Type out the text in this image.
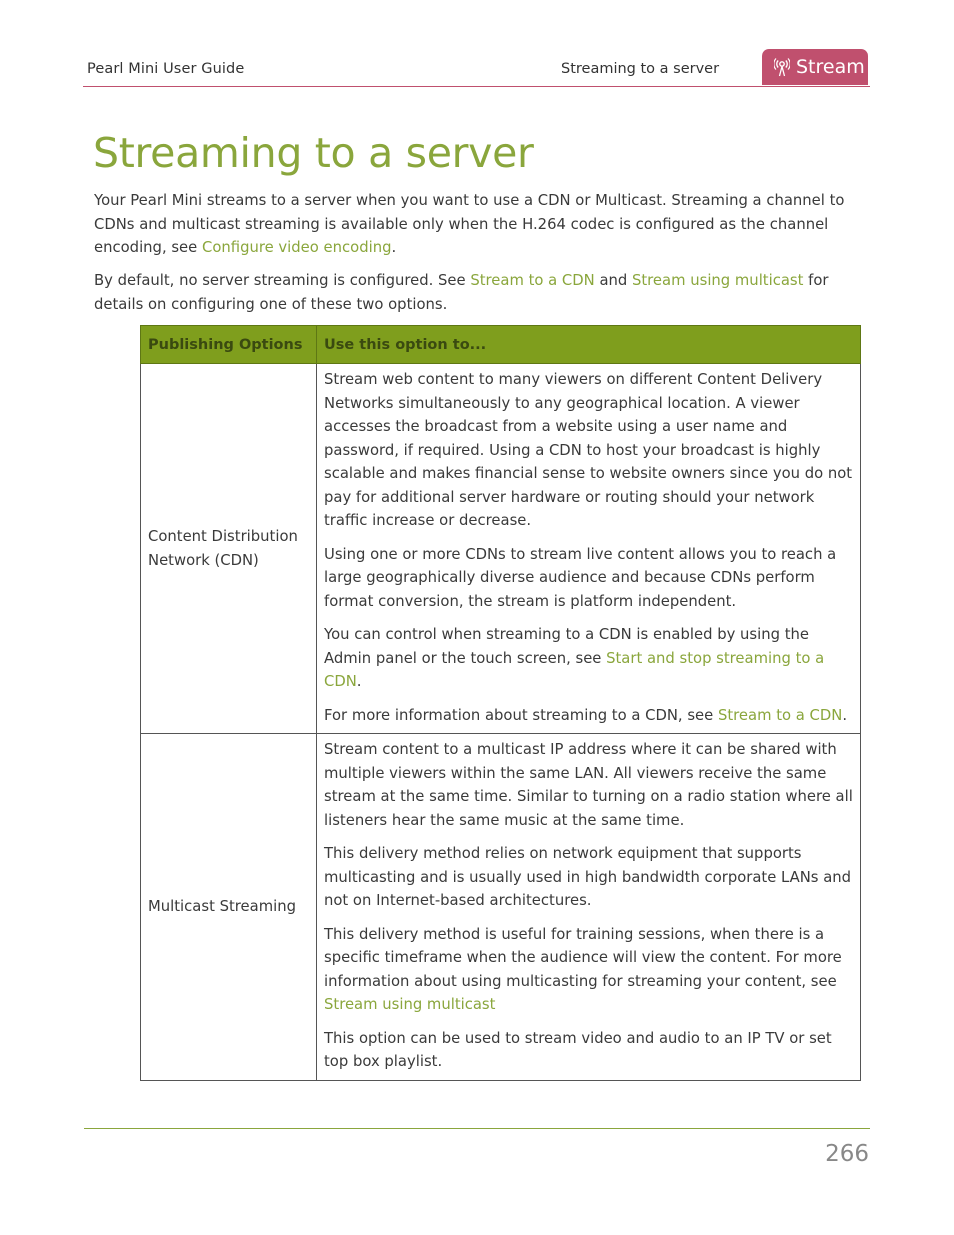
Pearl Mini User Guide	Streaming to a server	Stream
Streaming to a server

Your Pearl Mini streams to a server when you want to use a CDN or Multicast. Streaming a channel to CDNs and multicast streaming is available only when the H.264 codec is configured as the channel encoding, see Configure video encoding.

By default, no server streaming is configured. See Stream to a CDN and Stream using multicast for details on configuring one of these two options.

Publishing Options	Use this option to...
Content Distribution Network (CDN)	Stream web content to many viewers on different Content Delivery Networks simultaneously to any geographical location. A viewer accesses the broadcast from a website using a user name and password, if required. Using a CDN to host your broadcast is highly scalable and makes financial sense to website owners since you do not pay for additional server hardware or routing should your network traffic increase or decrease.

Using one or more CDNs to stream live content allows you to reach a large geographically diverse audience and because CDNs perform format conversion, the stream is platform independent.

You can control when streaming to a CDN is enabled by using the Admin panel or the touch screen, see Start and stop streaming to a CDN.

For more information about streaming to a CDN, see Stream to a CDN.

Multicast Streaming	Stream content to a multicast IP address where it can be shared with multiple viewers within the same LAN. All viewers receive the same stream at the same time. Similar to turning on a radio station where all listeners hear the same music at the same time.

This delivery method relies on network equipment that supports multicasting and is usually used in high bandwidth corporate LANs and not on Internet-based architectures.

This delivery method is useful for training sessions, when there is a specific timeframe when the audience will view the content. For more information about using multicasting for streaming your content, see Stream using multicast

This option can be used to stream video and audio to an IP TV or set top box playlist.

266
